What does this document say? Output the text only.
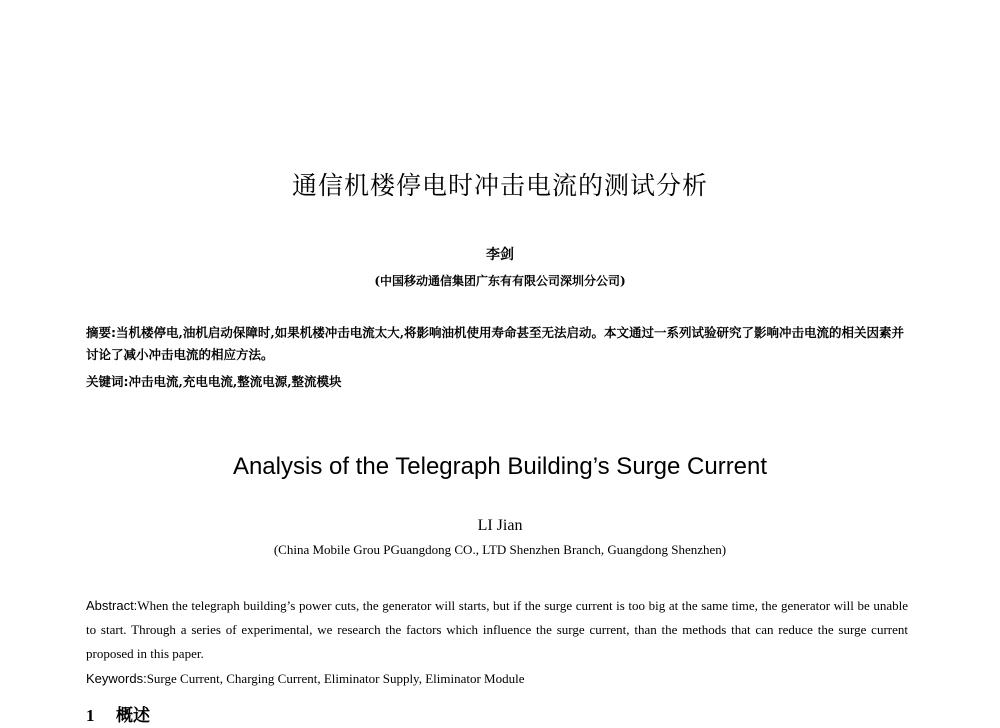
通信机楼停电时冲击电流的测试分析
李剑
(中国移动通信集团广东有有限公司深圳分公司)
摘要:当机楼停电,油机启动保障时,如果机楼冲击电流太大,将影响油机使用寿命甚至无法启动。本文通过一系列试验研究了影响冲击电流的相关因素并讨论了减小冲击电流的相应方法。
关键词:冲击电流,充电电流,整流电源,整流模块
Analysis of the Telegraph Building’s Surge Current
LI Jian
(China Mobile Grou PGuangdong CO., LTD Shenzhen Branch, Guangdong Shenzhen)
Abstract:When the telegraph building’s power cuts, the generator will starts, but if the surge current is too big at the same time, the generator will be unable to start. Through a series of experimental, we research the factors which influence the surge current, than the methods that can reduce the surge current proposed in this paper.
Keywords:Surge Current, Charging Current, Eliminator Supply, Eliminator Module
1 概述
